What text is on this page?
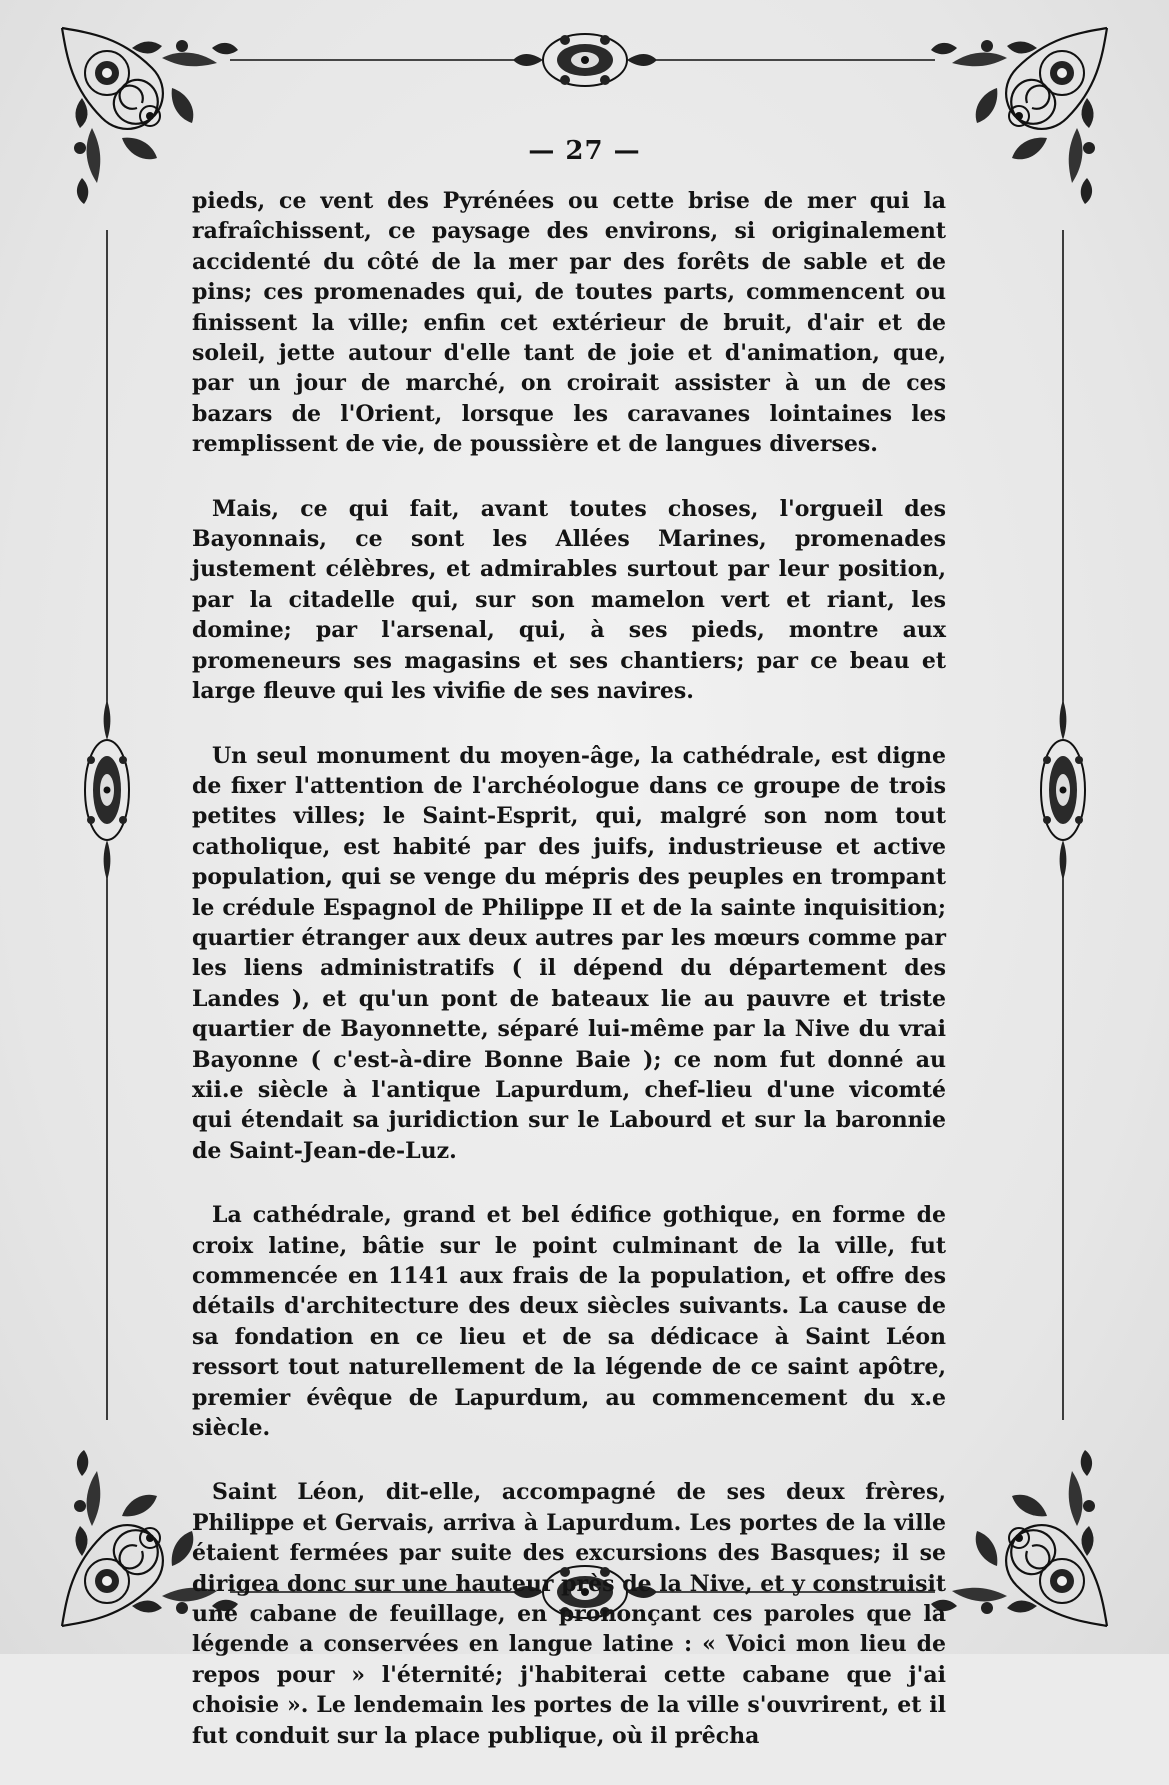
— 27 —

pieds, ce vent des Pyrénées ou cette brise de mer qui la rafraîchissent, ce paysage des environs, si originalement accidenté du côté de la mer par des forêts de sable et de pins; ces promenades qui, de toutes parts, commencent ou finissent la ville; enfin cet extérieur de bruit, d'air et de soleil, jette autour d'elle tant de joie et d'animation, que, par un jour de marché, on croirait assister à un de ces bazars de l'Orient, lorsque les caravanes lointaines les remplissent de vie, de poussière et de langues diverses.

Mais, ce qui fait, avant toutes choses, l'orgueil des Bayonnais, ce sont les Allées Marines, promenades justement célèbres, et admirables surtout par leur position, par la citadelle qui, sur son mamelon vert et riant, les domine; par l'arsenal, qui, à ses pieds, montre aux promeneurs ses magasins et ses chantiers; par ce beau et large fleuve qui les vivifie de ses navires.

Un seul monument du moyen-âge, la cathédrale, est digne de fixer l'attention de l'archéologue dans ce groupe de trois petites villes; le Saint-Esprit, qui, malgré son nom tout catholique, est habité par des juifs, industrieuse et active population, qui se venge du mépris des peuples en trompant le crédule Espagnol de Philippe II et de la sainte inquisition; quartier étranger aux deux autres par les mœurs comme par les liens administratifs ( il dépend du département des Landes ), et qu'un pont de bateaux lie au pauvre et triste quartier de Bayonnette, séparé lui-même par la Nive du vrai Bayonne ( c'est-à-dire Bonne Baie ); ce nom fut donné au xii.e siècle à l'antique Lapurdum, chef-lieu d'une vicomté qui étendait sa juridiction sur le Labourd et sur la baronnie de Saint-Jean-de-Luz.

La cathédrale, grand et bel édifice gothique, en forme de croix latine, bâtie sur le point culminant de la ville, fut commencée en 1141 aux frais de la population, et offre des détails d'architecture des deux siècles suivants. La cause de sa fondation en ce lieu et de sa dédicace à Saint Léon ressort tout naturellement de la légende de ce saint apôtre, premier évêque de Lapurdum, au commencement du x.e siècle.

Saint Léon, dit-elle, accompagné de ses deux frères, Philippe et Gervais, arriva à Lapurdum. Les portes de la ville étaient fermées par suite des excursions des Basques; il se dirigea donc sur une hauteur près de la Nive, et y construisit une cabane de feuillage, en prononçant ces paroles que la légende a conservées en langue latine : « Voici mon lieu de repos pour » l'éternité; j'habiterai cette cabane que j'ai choisie ». Le lendemain les portes de la ville s'ouvrirent, et il fut conduit sur la place publique, où il prêcha
